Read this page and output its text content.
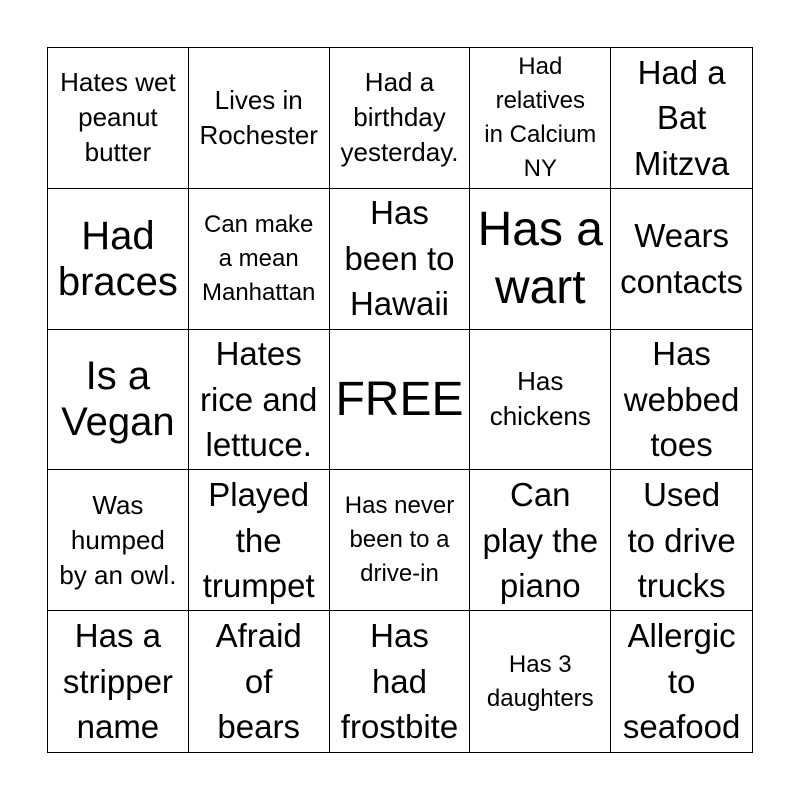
Hates wet
peanut
butter
Lives in
Rochester
Had a
birthday
yesterday.
Had
relatives
in Calcium
NY
Had a
Bat
Mitzva
Had
braces
Can make
a mean
Manhattan
Has
been to
Hawaii
Has a
wart
Wears
contacts
Is a
Vegan
Hates
rice and
lettuce.
FREE	Has
chickens
Has
webbed
toes
Was
humped
by an owl.
Played
the
trumpet
Has never
been to a
drive-in
Can
play the
piano
Used
to drive
trucks
Has a
stripper
name
Afraid
of
bears
Has
had
frostbite
Has 3
daughters
Allergic
to
seafood
